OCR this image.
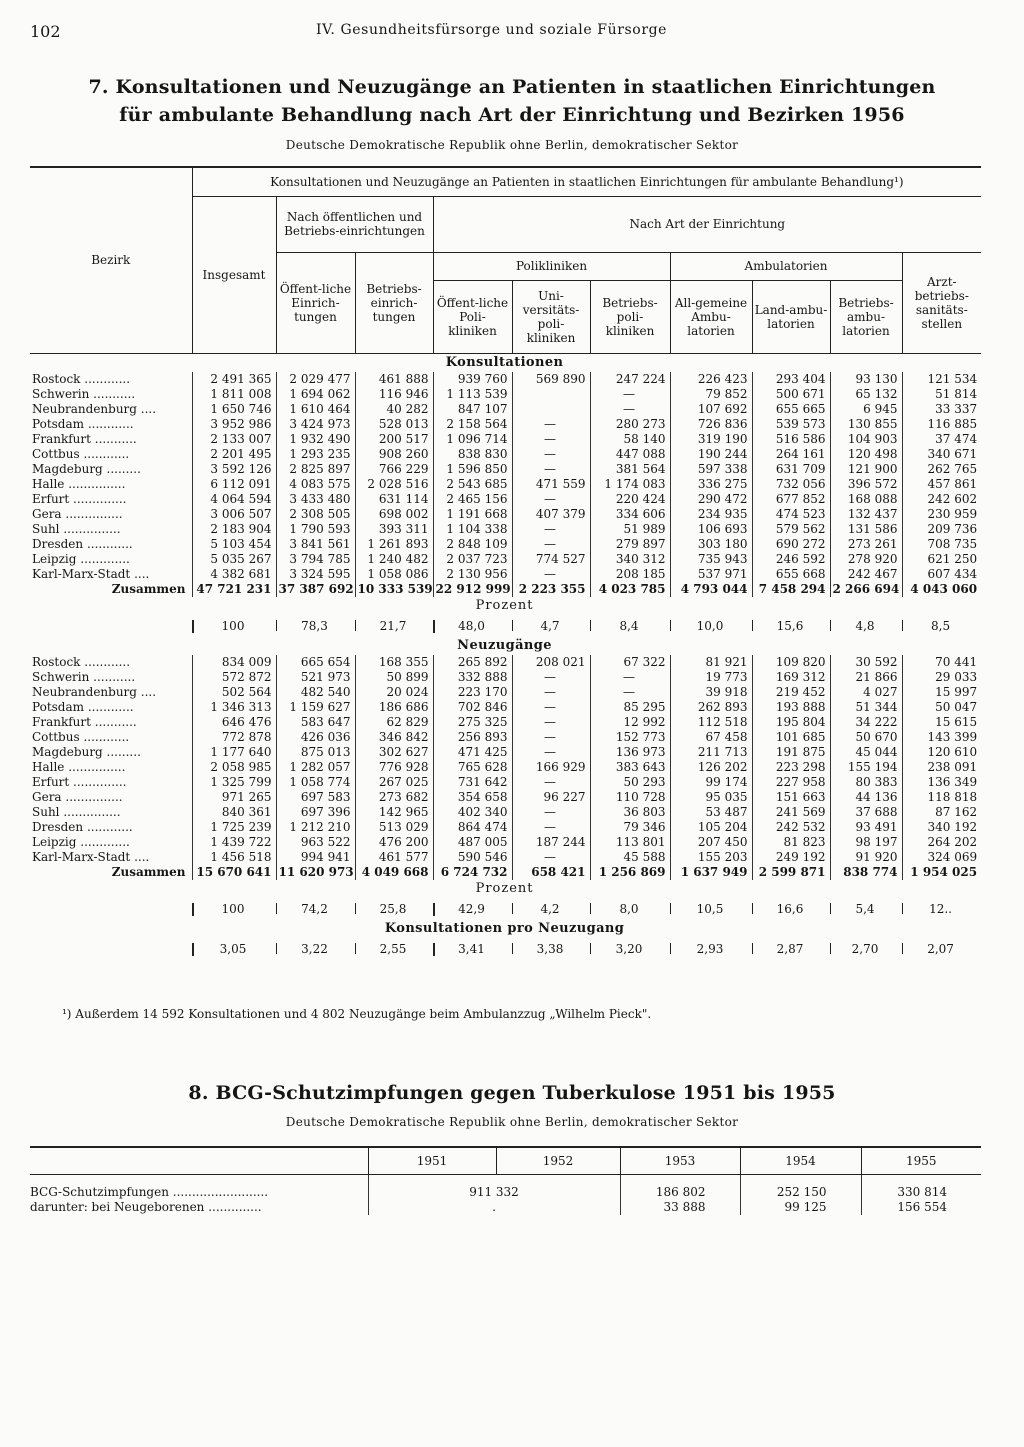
102	IV. Gesundheitsfürsorge und soziale Fürsorge
7. Konsultationen und Neuzugänge an Patienten in staatlichen Einrichtungen
für ambulante Behandlung nach Art der Einrichtung und Bezirken 1956
Deutsche Demokratische Republik ohne Berlin, demokratischer Sektor
Bezirk	Konsultationen und Neuzugänge an Patienten in staatlichen Einrichtungen für ambulante Behandlung¹)									
	Insgesamt	Nach öffentlichen und Betriebs-einrichtungen		Nach Art der Einrichtung						
		Öffent-liche Einrich-tungen	Betriebs-einrich-tungen	Polikliniken			Ambulatorien			Arzt-betriebs-sanitäts-stellen
				Öffent-liche Poli-kliniken	Uni-versitäts-poli-kliniken	Betriebs-poli-kliniken	All-gemeine Ambu-latorien	Land-ambu-latorien	Betriebs-ambu-latorien	
Konsultationen										
Rostock ............	2 491 365	2 029 477	461 888	939 760	569 890	247 224	226 423	293 404	93 130	121 534
Schwerin ...........	1 811 008	1 694 062	116 946	1 113 539		—	79 852	500 671	65 132	51 814
Neubrandenburg ....	1 650 746	1 610 464	40 282	847 107		—	107 692	655 665	6 945	33 337
Potsdam ............	3 952 986	3 424 973	528 013	2 158 564	—	280 273	726 836	539 573	130 855	116 885
Frankfurt ...........	2 133 007	1 932 490	200 517	1 096 714	—	58 140	319 190	516 586	104 903	37 474
Cottbus ............	2 201 495	1 293 235	908 260	838 830	—	447 088	190 244	264 161	120 498	340 671
Magdeburg .........	3 592 126	2 825 897	766 229	1 596 850	—	381 564	597 338	631 709	121 900	262 765
Halle ...............	6 112 091	4 083 575	2 028 516	2 543 685	471 559	1 174 083	336 275	732 056	396 572	457 861
Erfurt ..............	4 064 594	3 433 480	631 114	2 465 156	—	220 424	290 472	677 852	168 088	242 602
Gera ...............	3 006 507	2 308 505	698 002	1 191 668	407 379	334 606	234 935	474 523	132 437	230 959
Suhl ...............	2 183 904	1 790 593	393 311	1 104 338	—	51 989	106 693	579 562	131 586	209 736
Dresden ............	5 103 454	3 841 561	1 261 893	2 848 109	—	279 897	303 180	690 272	273 261	708 735
Leipzig .............	5 035 267	3 794 785	1 240 482	2 037 723	774 527	340 312	735 943	246 592	278 920	621 250
Karl-Marx-Stadt ....	4 382 681	3 324 595	1 058 086	2 130 956	—	208 185	537 971	655 668	242 467	607 434
Zusammen	47 721 231	37 387 692	10 333 539	22 912 999	2 223 355	4 023 785	4 793 044	7 458 294	2 266 694	4 043 060
Prozent										

100	78,3	21,7	48,0	4,7	8,4	10,0	15,6	4,8	8,5
Neuzugänge										
Rostock ............	834 009	665 654	168 355	265 892	208 021	67 322	81 921	109 820	30 592	70 441
Schwerin ...........	572 872	521 973	50 899	332 888	—	—	19 773	169 312	21 866	29 033
Neubrandenburg ....	502 564	482 540	20 024	223 170	—	—	39 918	219 452	4 027	15 997
Potsdam ............	1 346 313	1 159 627	186 686	702 846	—	85 295	262 893	193 888	51 344	50 047
Frankfurt ...........	646 476	583 647	62 829	275 325	—	12 992	112 518	195 804	34 222	15 615
Cottbus ............	772 878	426 036	346 842	256 893	—	152 773	67 458	101 685	50 670	143 399
Magdeburg .........	1 177 640	875 013	302 627	471 425	—	136 973	211 713	191 875	45 044	120 610
Halle ...............	2 058 985	1 282 057	776 928	765 628	166 929	383 643	126 202	223 298	155 194	238 091
Erfurt ..............	1 325 799	1 058 774	267 025	731 642	—	50 293	99 174	227 958	80 383	136 349
Gera ...............	971 265	697 583	273 682	354 658	96 227	110 728	95 035	151 663	44 136	118 818
Suhl ...............	840 361	697 396	142 965	402 340	—	36 803	53 487	241 569	37 688	87 162
Dresden ............	1 725 239	1 212 210	513 029	864 474	—	79 346	105 204	242 532	93 491	340 192
Leipzig .............	1 439 722	963 522	476 200	487 005	187 244	113 801	207 450	81 823	98 197	264 202
Karl-Marx-Stadt ....	1 456 518	994 941	461 577	590 546	—	45 588	155 203	249 192	91 920	324 069
Zusammen	15 670 641	11 620 973	4 049 668	6 724 732	658 421	1 256 869	1 637 949	2 599 871	838 774	1 954 025
Prozent										

100	74,2	25,8	42,9	4,2	8,0	10,5	16,6	5,4	12..
Konsultationen pro Neuzugang										

3,05	3,22	2,55	3,41	3,38	3,20	2,93	2,87	2,70	2,07
¹) Außerdem 14 592 Konsultationen und 4 802 Neuzugänge beim Ambulanzzug „Wilhelm Pieck".
8. BCG-Schutzimpfungen gegen Tuberkulose 1951 bis 1955
Deutsche Demokratische Republik ohne Berlin, demokratischer Sektor
	1951	1952	1953	1954	1955
BCG-Schutzimpfungen .........................	911 332		186 802	252 150	330 814
darunter: bei Neugeborenen ..............	.		33 888	99 125	156 554
